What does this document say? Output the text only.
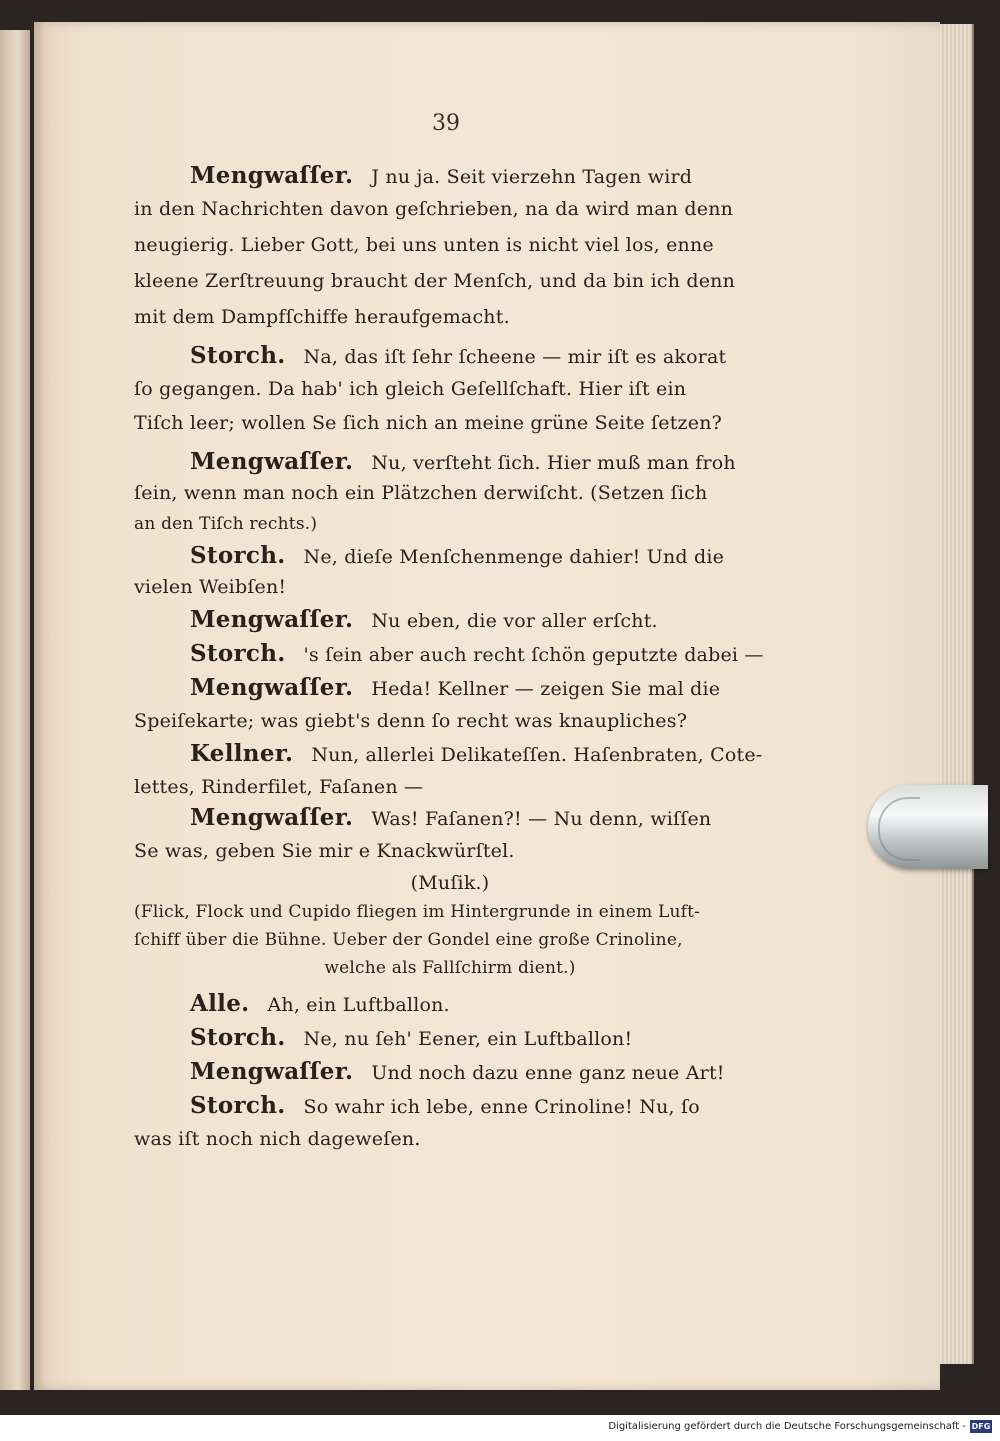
39
Mengwaſſer. J nu ja. Seit vierzehn Tagen wird
in den Nachrichten davon geſchrieben, na da wird man denn
neugierig. Lieber Gott, bei uns unten is nicht viel los, enne
kleene Zerſtreuung braucht der Menſch, und da bin ich denn
mit dem Dampfſchiffe heraufgemacht.
Storch. Na, das iſt ſehr ſcheene — mir iſt es akorat
ſo gegangen. Da hab' ich gleich Geſellſchaft. Hier iſt ein
Tiſch leer; wollen Se ſich nich an meine grüne Seite ſetzen?
Mengwaſſer. Nu, verſteht ſich. Hier muß man froh
ſein, wenn man noch ein Plätzchen derwiſcht. (Setzen ſich
an den Tiſch rechts.)
Storch. Ne, dieſe Menſchenmenge dahier! Und die
vielen Weibſen!
Mengwaſſer. Nu eben, die vor aller erſcht.
Storch. 's ſein aber auch recht ſchön geputzte dabei —
Mengwaſſer. Heda! Kellner — zeigen Sie mal die
Speiſekarte; was giebt's denn ſo recht was knaupliches?
Kellner. Nun, allerlei Delikateſſen. Haſenbraten, Cote-
lettes, Rinderfilet, Faſanen —
Mengwaſſer. Was! Faſanen?! — Nu denn, wiſſen
Se was, geben Sie mir e Knackwürſtel.
(Muſik.)
(Flick, Flock und Cupido fliegen im Hintergrunde in einem Luft-
ſchiff über die Bühne. Ueber der Gondel eine große Crinoline,
welche als Fallſchirm dient.)
Alle. Ah, ein Luftballon.
Storch. Ne, nu ſeh' Eener, ein Luftballon!
Mengwaſſer. Und noch dazu enne ganz neue Art!
Storch. So wahr ich lebe, enne Crinoline! Nu, ſo
was iſt noch nich dageweſen.
Digitalisierung gefördert durch die Deutsche Forschungsgemeinschaft - DFG
